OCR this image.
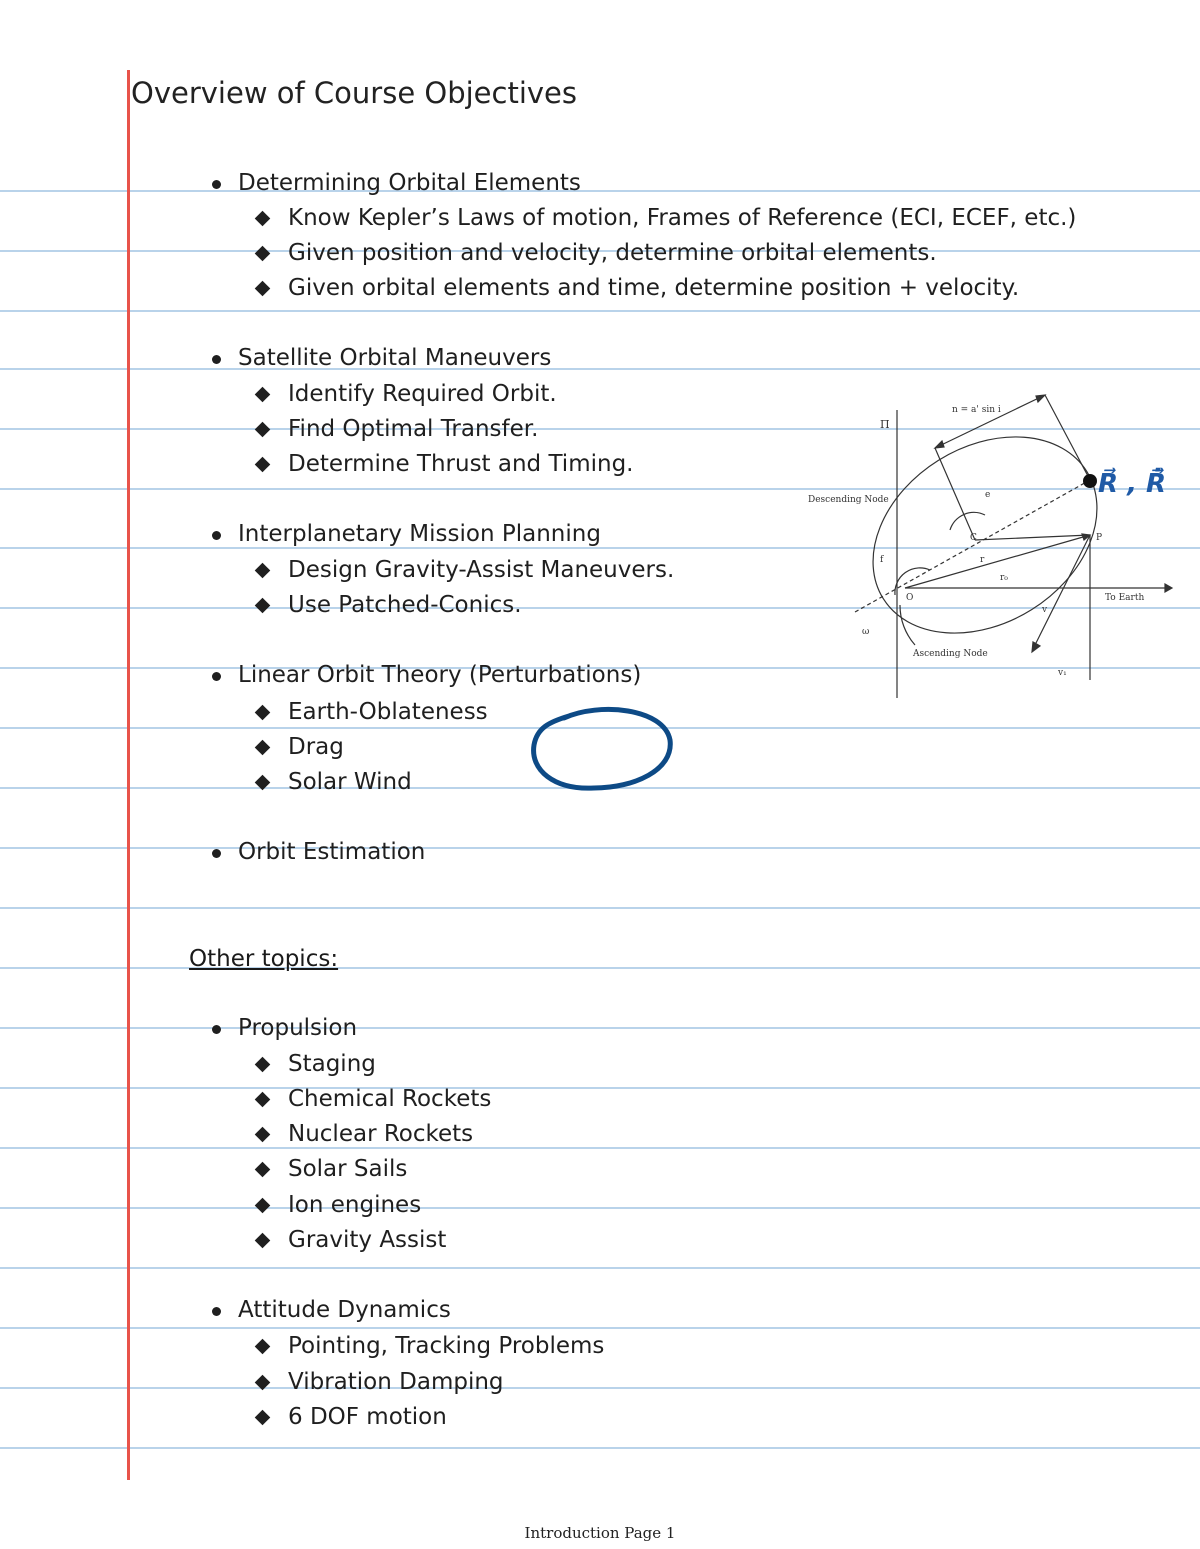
Overview of Course Objectives
Determining Orbital Elements
Know Kepler’s Laws of motion, Frames of Reference (ECI, ECEF, etc.)
Given position and velocity, determine orbital elements.
Given orbital elements and time, determine position + velocity.
Satellite Orbital Maneuvers
Identify Required Orbit.
Find Optimal Transfer.
Determine Thrust and Timing.
Interplanetary Mission Planning
Design Gravity-Assist Maneuvers.
Use Patched-Conics.
Linear Orbit Theory (Perturbations)
Earth-Oblateness
Drag
Solar Wind
Orbit Estimation
Other topics:
Propulsion
Staging
Chemical Rockets
Nuclear Rockets
Solar Sails
Ion engines
Gravity Assist
Attitude Dynamics
Pointing, Tracking Problems
Vibration Damping
6 DOF motion
Π
n = a' sin i
Descending Node
Ascending Node
To Earth
e
C
r
r₀
O
P
f
v
v₁
ω
R⃗ , R⃗̇
Introduction Page 1
